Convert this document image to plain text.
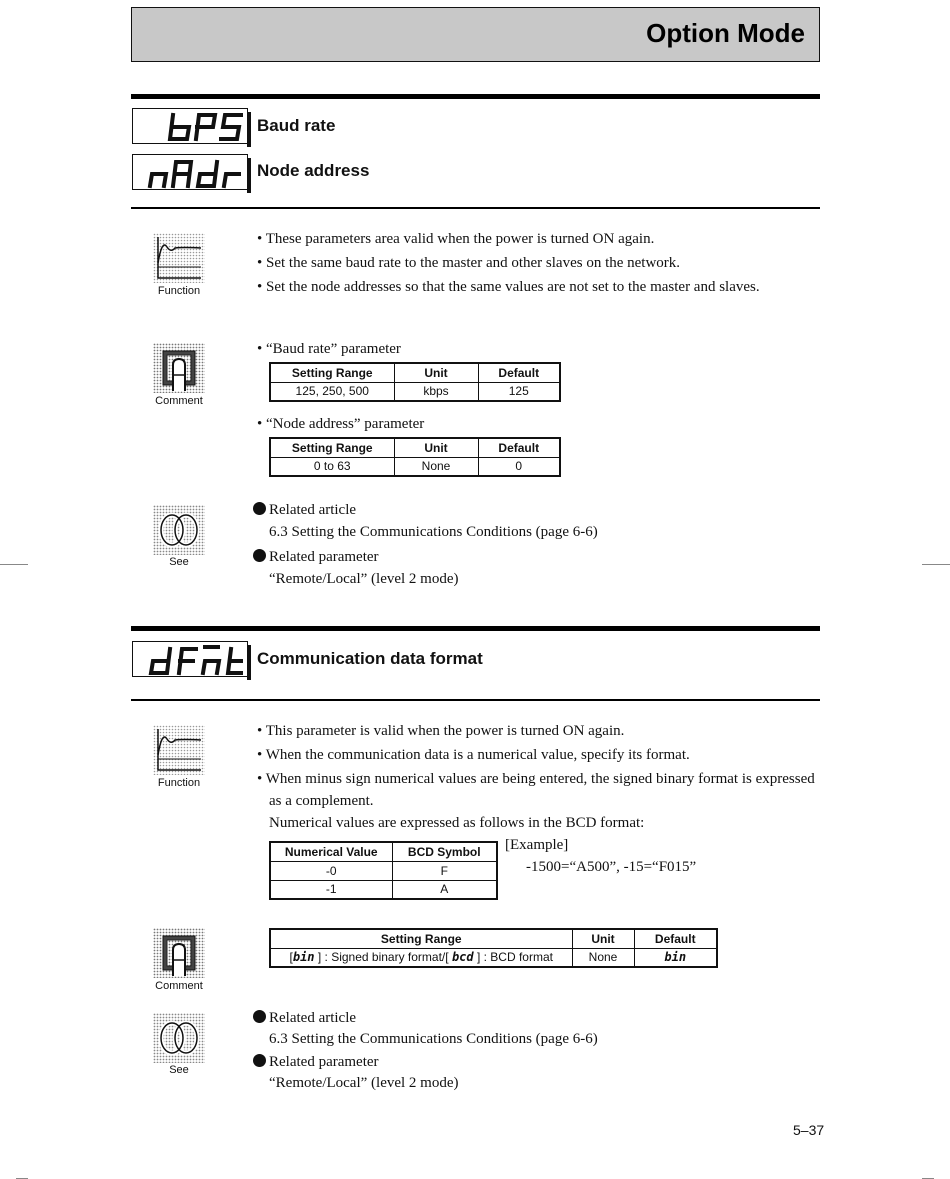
Option Mode
Baud rate
Node address
Function
• These parameters area valid when the power is turned ON again.
• Set the same baud rate to the master and other slaves on the network.
• Set the node addresses so that the same values are not set to the master and slaves.
Comment
• “Baud rate” parameter
Setting Range	Unit	Default
125, 250, 500	kbps	125
• “Node address” parameter
Setting Range	Unit	Default
0 to 63	None	0
See
Related article
6.3 Setting the Communications Conditions (page 6-6)
Related parameter
“Remote/Local” (level 2 mode)
Communication data format
Function
• This parameter is valid when the power is turned ON again.
• When the communication data is a numerical value, specify its format.
• When minus sign numerical values are being entered, the signed binary format is expressed as a complement.
Numerical values are expressed as follows in the BCD format:
Numerical Value	BCD Symbol
-0	F
-1	A
[Example]
-1500=“A500”, -15=“F015”
Comment
Setting Range	Unit	Default
[bin ] : Signed binary format/[ bcd ] : BCD format	None	bin
See
Related article
6.3 Setting the Communications Conditions (page 6-6)
Related parameter
“Remote/Local” (level 2 mode)
5–37
